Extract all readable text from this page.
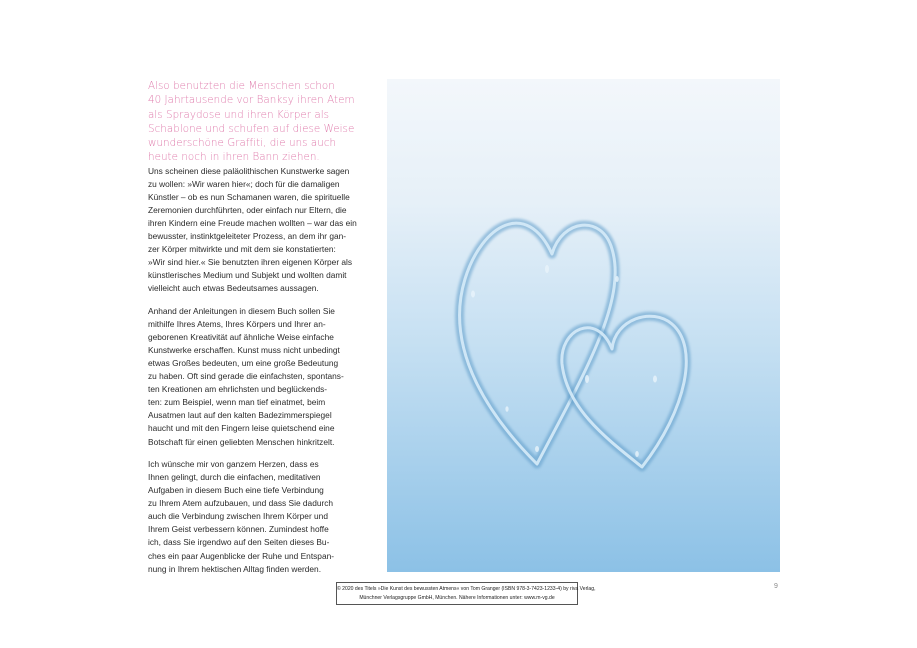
Also benutzten die Menschen schon
40 Jahrtausende vor Banksy ihren Atem
als Spraydose und ihren Körper als
Schablone und schufen auf diese Weise
wunderschöne Graffiti, die uns auch
heute noch in ihren Bann ziehen.

Uns scheinen diese paläolithischen Kunstwerke sagen
zu wollen: »Wir waren hier«; doch für die damaligen
Künstler – ob es nun Schamanen waren, die spirituelle
Zeremonien durchführten, oder einfach nur Eltern, die
ihren Kindern eine Freude machen wollten – war das ein
bewusster, instinktgeleiteter Prozess, an dem ihr gan-
zer Körper mitwirkte und mit dem sie konstatierten:
»Wir sind hier.« Sie benutzten ihren eigenen Körper als
künstlerisches Medium und Subjekt und wollten damit
vielleicht auch etwas Bedeutsames aussagen.

Anhand der Anleitungen in diesem Buch sollen Sie
mithilfe Ihres Atems, Ihres Körpers und Ihrer an-
geborenen Kreativität auf ähnliche Weise einfache
Kunstwerke erschaffen. Kunst muss nicht unbedingt
etwas Großes bedeuten, um eine große Bedeutung
zu haben. Oft sind gerade die einfachsten, spontans-
ten Kreationen am ehrlichsten und beglückends-
ten: zum Beispiel, wenn man tief einatmet, beim
Ausatmen laut auf den kalten Badezimmerspiegel
haucht und mit den Fingern leise quietschend eine
Botschaft für einen geliebten Menschen hinkritzelt.

Ich wünsche mir von ganzem Herzen, dass es
Ihnen gelingt, durch die einfachen, meditativen
Aufgaben in diesem Buch eine tiefe Verbindung
zu Ihrem Atem aufzubauen, und dass Sie dadurch
auch die Verbindung zwischen Ihrem Körper und
Ihrem Geist verbessern können. Zumindest hoffe
ich, dass Sie irgendwo auf den Seiten dieses Bu-
ches ein paar Augenblicke der Ruhe und Entspan-
nung in Ihrem hektischen Alltag finden werden.

© 2020 des Titels »Die Kunst des bewussten Atmens« von Tom Granger (ISBN 978-3-7423-1233-4) by riva Verlag,
Münchner Verlagsgruppe GmbH, München. Nähere Informationen unter: www.m-vg.de
9
